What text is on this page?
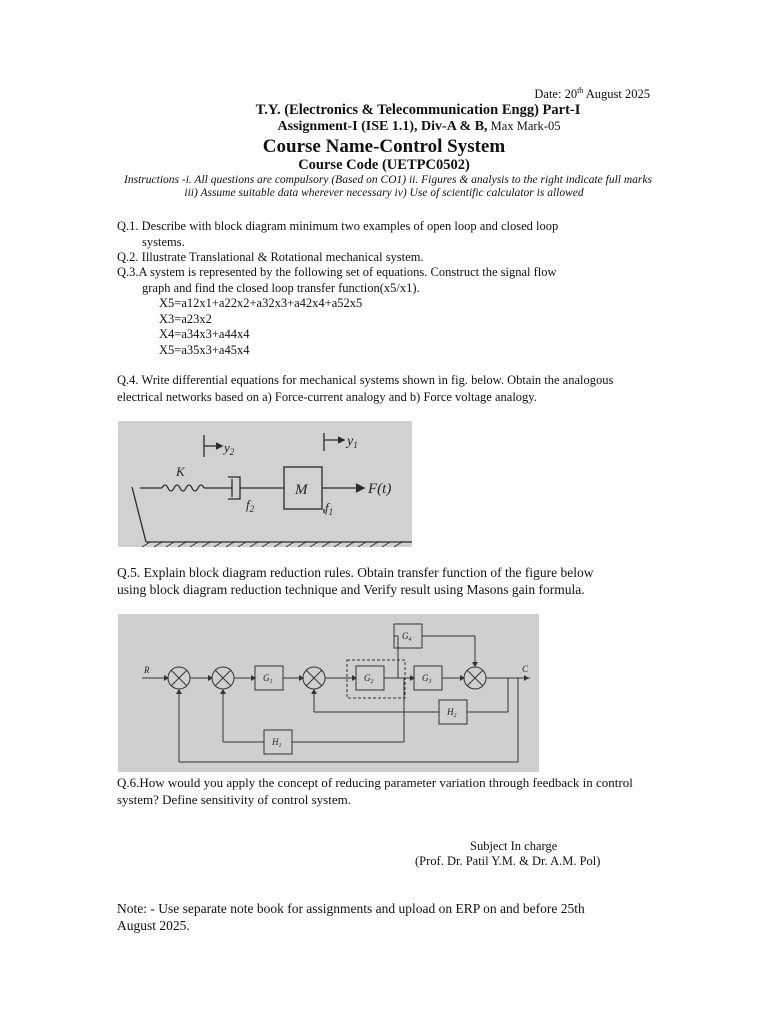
Date: 20th August 2025
T.Y. (Electronics & Telecommunication Engg) Part-I
Assignment-I (ISE 1.1), Div-A & B, Max Mark-05
Course Name-Control System
Course Code (UETPC0502)
Instructions -i. All questions are compulsory (Based on CO1) ii. Figures & analysis to the right indicate full marks
iii) Assume suitable data wherever necessary iv) Use of scientific calculator is allowed
Q.1. Describe with block diagram minimum two examples of open loop and closed loop
systems.
Q.2. Illustrate Translational & Rotational mechanical system.
Q.3.A system is represented by the following set of equations. Construct the signal flow
graph and find the closed loop transfer function(x5/x1).
X5=a12x1+a22x2+a32x3+a42x4+a52x5
X3=a23x2
X4=a34x3+a44x4
X5=a35x3+a45x4
Q.4. Write differential equations for mechanical systems shown in fig. below. Obtain the analogous
electrical networks based on a) Force-current analogy and b) Force voltage analogy.
$y_2$
$y_1$
K
$f_2$
M
$f_1$
F(t)
Q.5. Explain block diagram reduction rules. Obtain transfer function of the figure below
using block diagram reduction technique and Verify result using Masons gain formula.
R	C
$G_1$	$G_2$	$G_3$
$G_4$
$H_1$
$H_2$
Q.6.How would you apply the concept of reducing parameter variation through feedback in control
system? Define sensitivity of control system.
Subject In charge
(Prof. Dr. Patil Y.M. & Dr. A.M. Pol)
Note: - Use separate note book for assignments and upload on ERP on and before 25th
August 2025.
